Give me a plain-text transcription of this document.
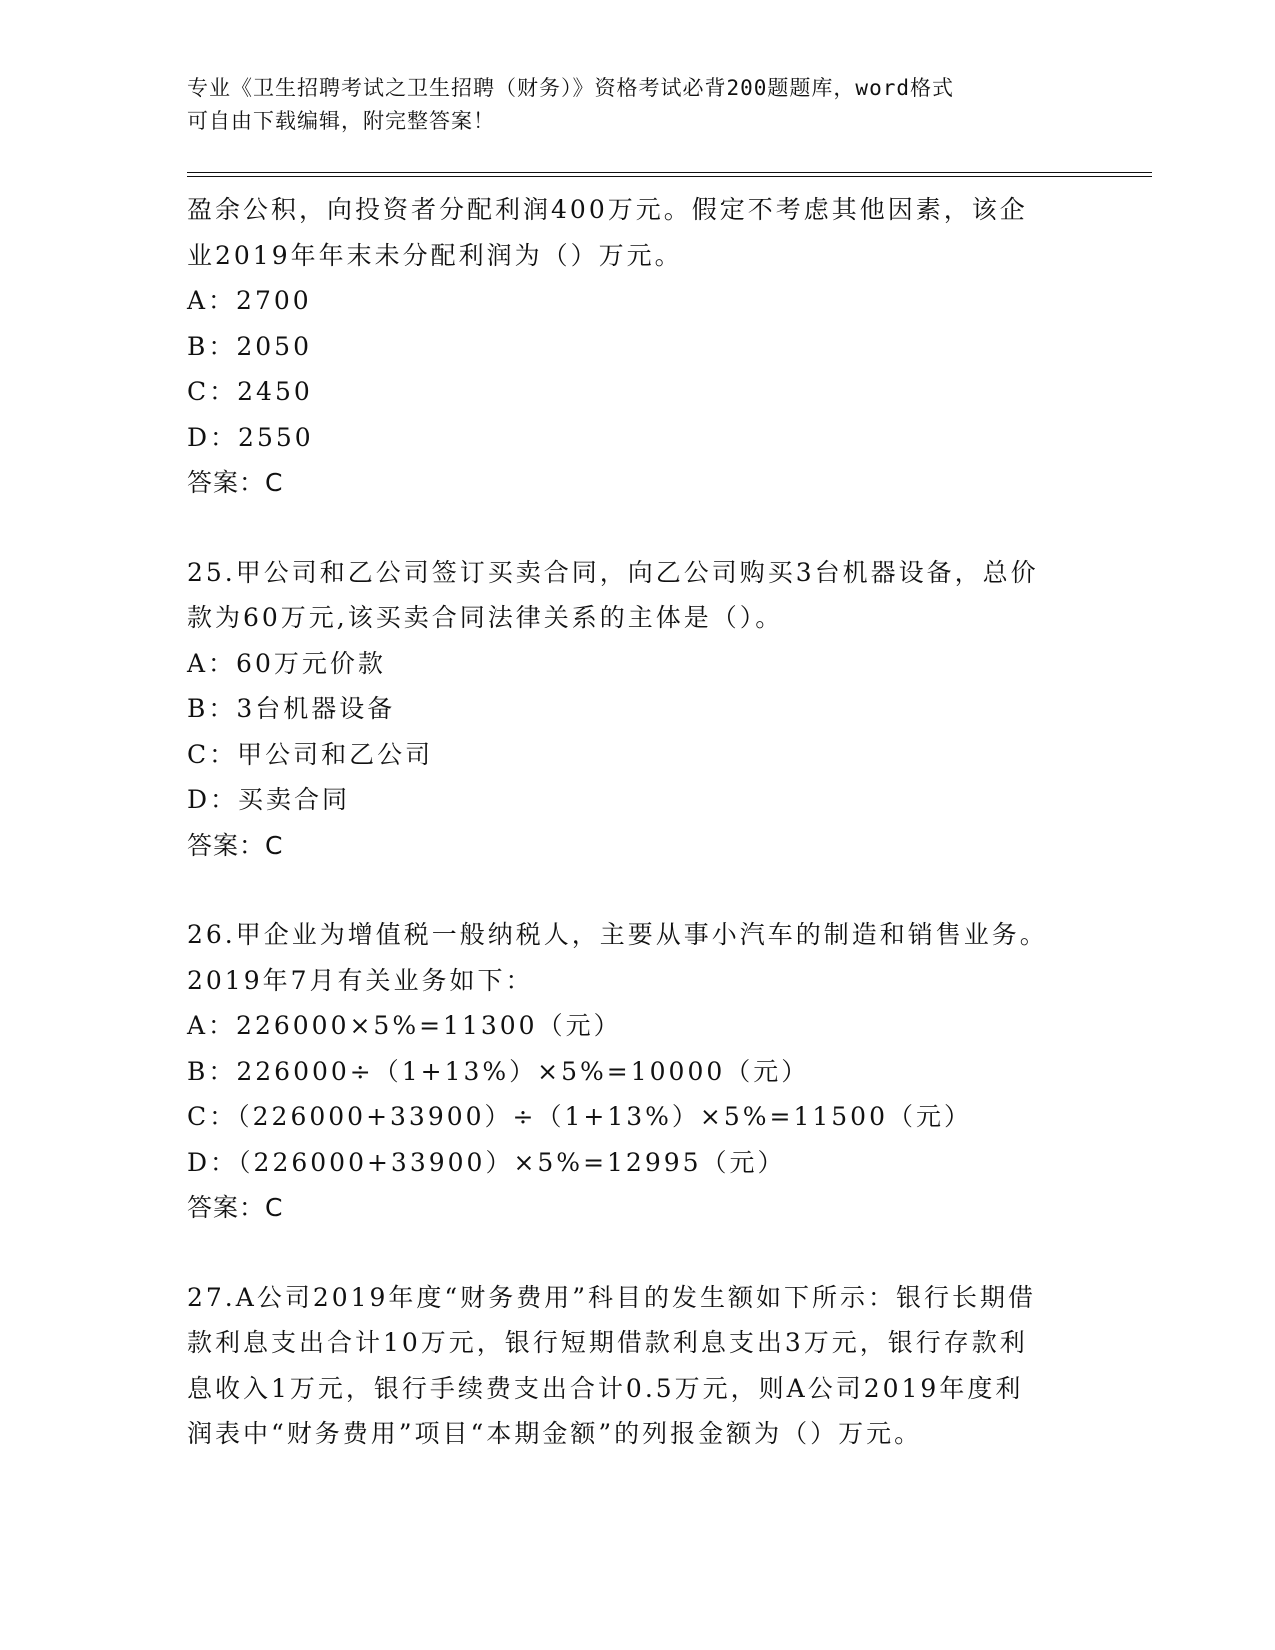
专业《卫生招聘考试之卫生招聘（财务）》资格考试必背200题题库，word格式
可自由下载编辑，附完整答案！
盈余公积，向投资者分配利润400万元。假定不考虑其他因素，该企
业2019年年末未分配利润为（）万元。
A：2700
B：2050
C：2450
D：2550
答案：C
25.甲公司和乙公司签订买卖合同，向乙公司购买3台机器设备，总价
款为60万元,该买卖合同法律关系的主体是（）。
A：60万元价款
B：3台机器设备
C：甲公司和乙公司
D：买卖合同
答案：C
26.甲企业为增值税一般纳税人，主要从事小汽车的制造和销售业务。
2019年7月有关业务如下：
A：226000×5%=11300（元）
B：226000÷（1+13%）×5%=10000（元）
C：（226000+33900）÷（1+13%）×5%=11500（元）
D：（226000+33900）×5%=12995（元）
答案：C
27.A公司2019年度“财务费用”科目的发生额如下所示：银行长期借
款利息支出合计10万元，银行短期借款利息支出3万元，银行存款利
息收入1万元，银行手续费支出合计0.5万元，则A公司2019年度利
润表中“财务费用”项目“本期金额”的列报金额为（）万元。
